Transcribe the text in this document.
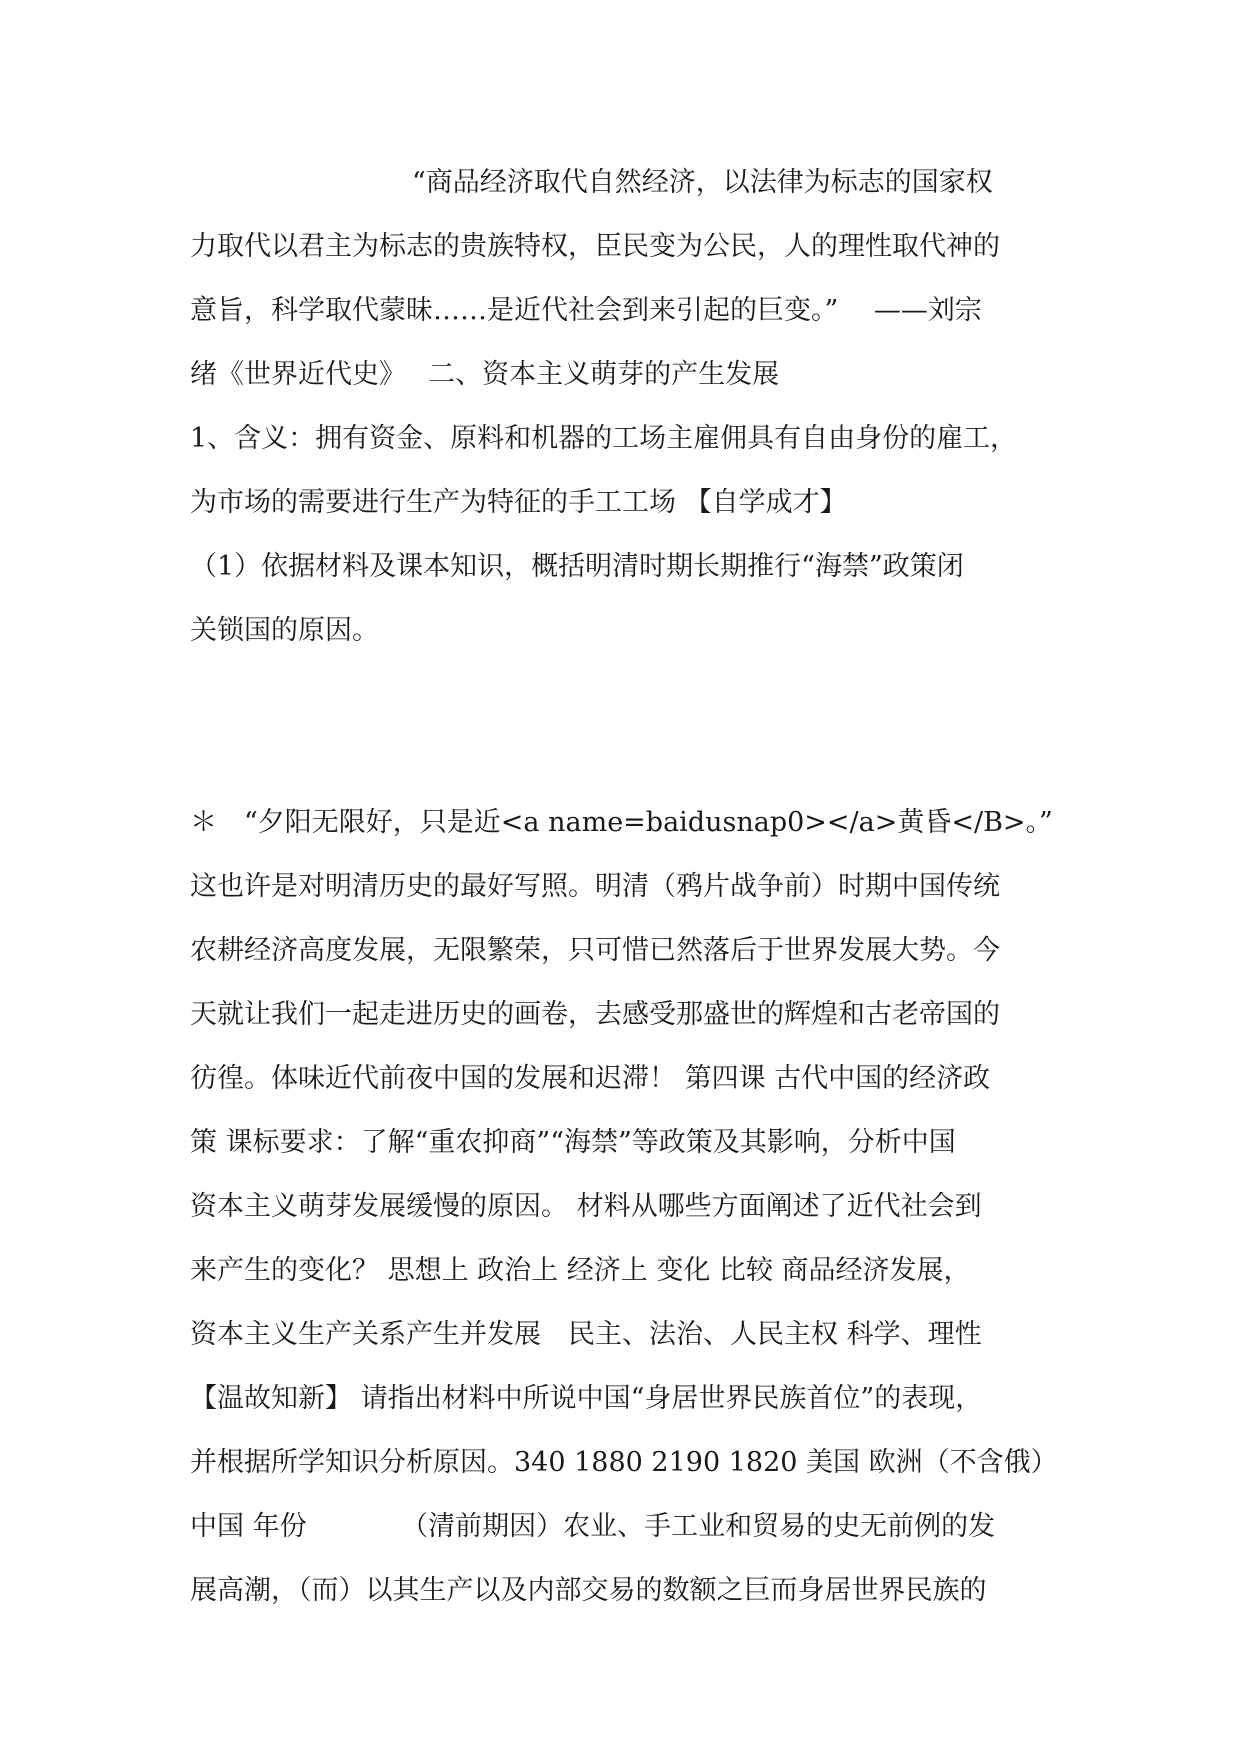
“商品经济取代自然经济，以法律为标志的国家权
力取代以君主为标志的贵族特权，臣民变为公民，人的理性取代神的
意旨，科学取代蒙昧……是近代社会到来引起的巨变。”　 ——刘宗
绪《世界近代史》　 二、资本主义萌芽的产生发展
1、含义：拥有资金、原料和机器的工场主雇佣具有自由身份的雇工，
为市场的需要进行生产为特征的手工工场 【自学成才】
（1）依据材料及课本知识，概括明清时期长期推行“海禁”政策闭
关锁国的原因。
＊　“夕阳无限好，只是近<a name=baidusnap0></a>黄昏</B>。”
这也许是对明清历史的最好写照。明清（鸦片战争前）时期中国传统
农耕经济高度发展，无限繁荣，只可惜已然落后于世界发展大势。今
天就让我们一起走进历史的画卷，去感受那盛世的辉煌和古老帝国的
彷徨。体味近代前夜中国的发展和迟滞！ 第四课 古代中国的经济政
策 课标要求：了解“重农抑商”“海禁”等政策及其影响，分析中国
资本主义萌芽发展缓慢的原因。 材料从哪些方面阐述了近代社会到
来产生的变化？ 思想上 政治上 经济上 变化 比较 商品经济发展，
资本主义生产关系产生并发展　民主、法治、人民主权 科学、理性
【温故知新】 请指出材料中所说中国“身居世界民族首位”的表现，
并根据所学知识分析原因。340 1880 2190 1820 美国 欧洲（不含俄）
中国 年份　　　　（清前期因）农业、手工业和贸易的史无前例的发
展高潮，（而）以其生产以及内部交易的数额之巨而身居世界民族的
